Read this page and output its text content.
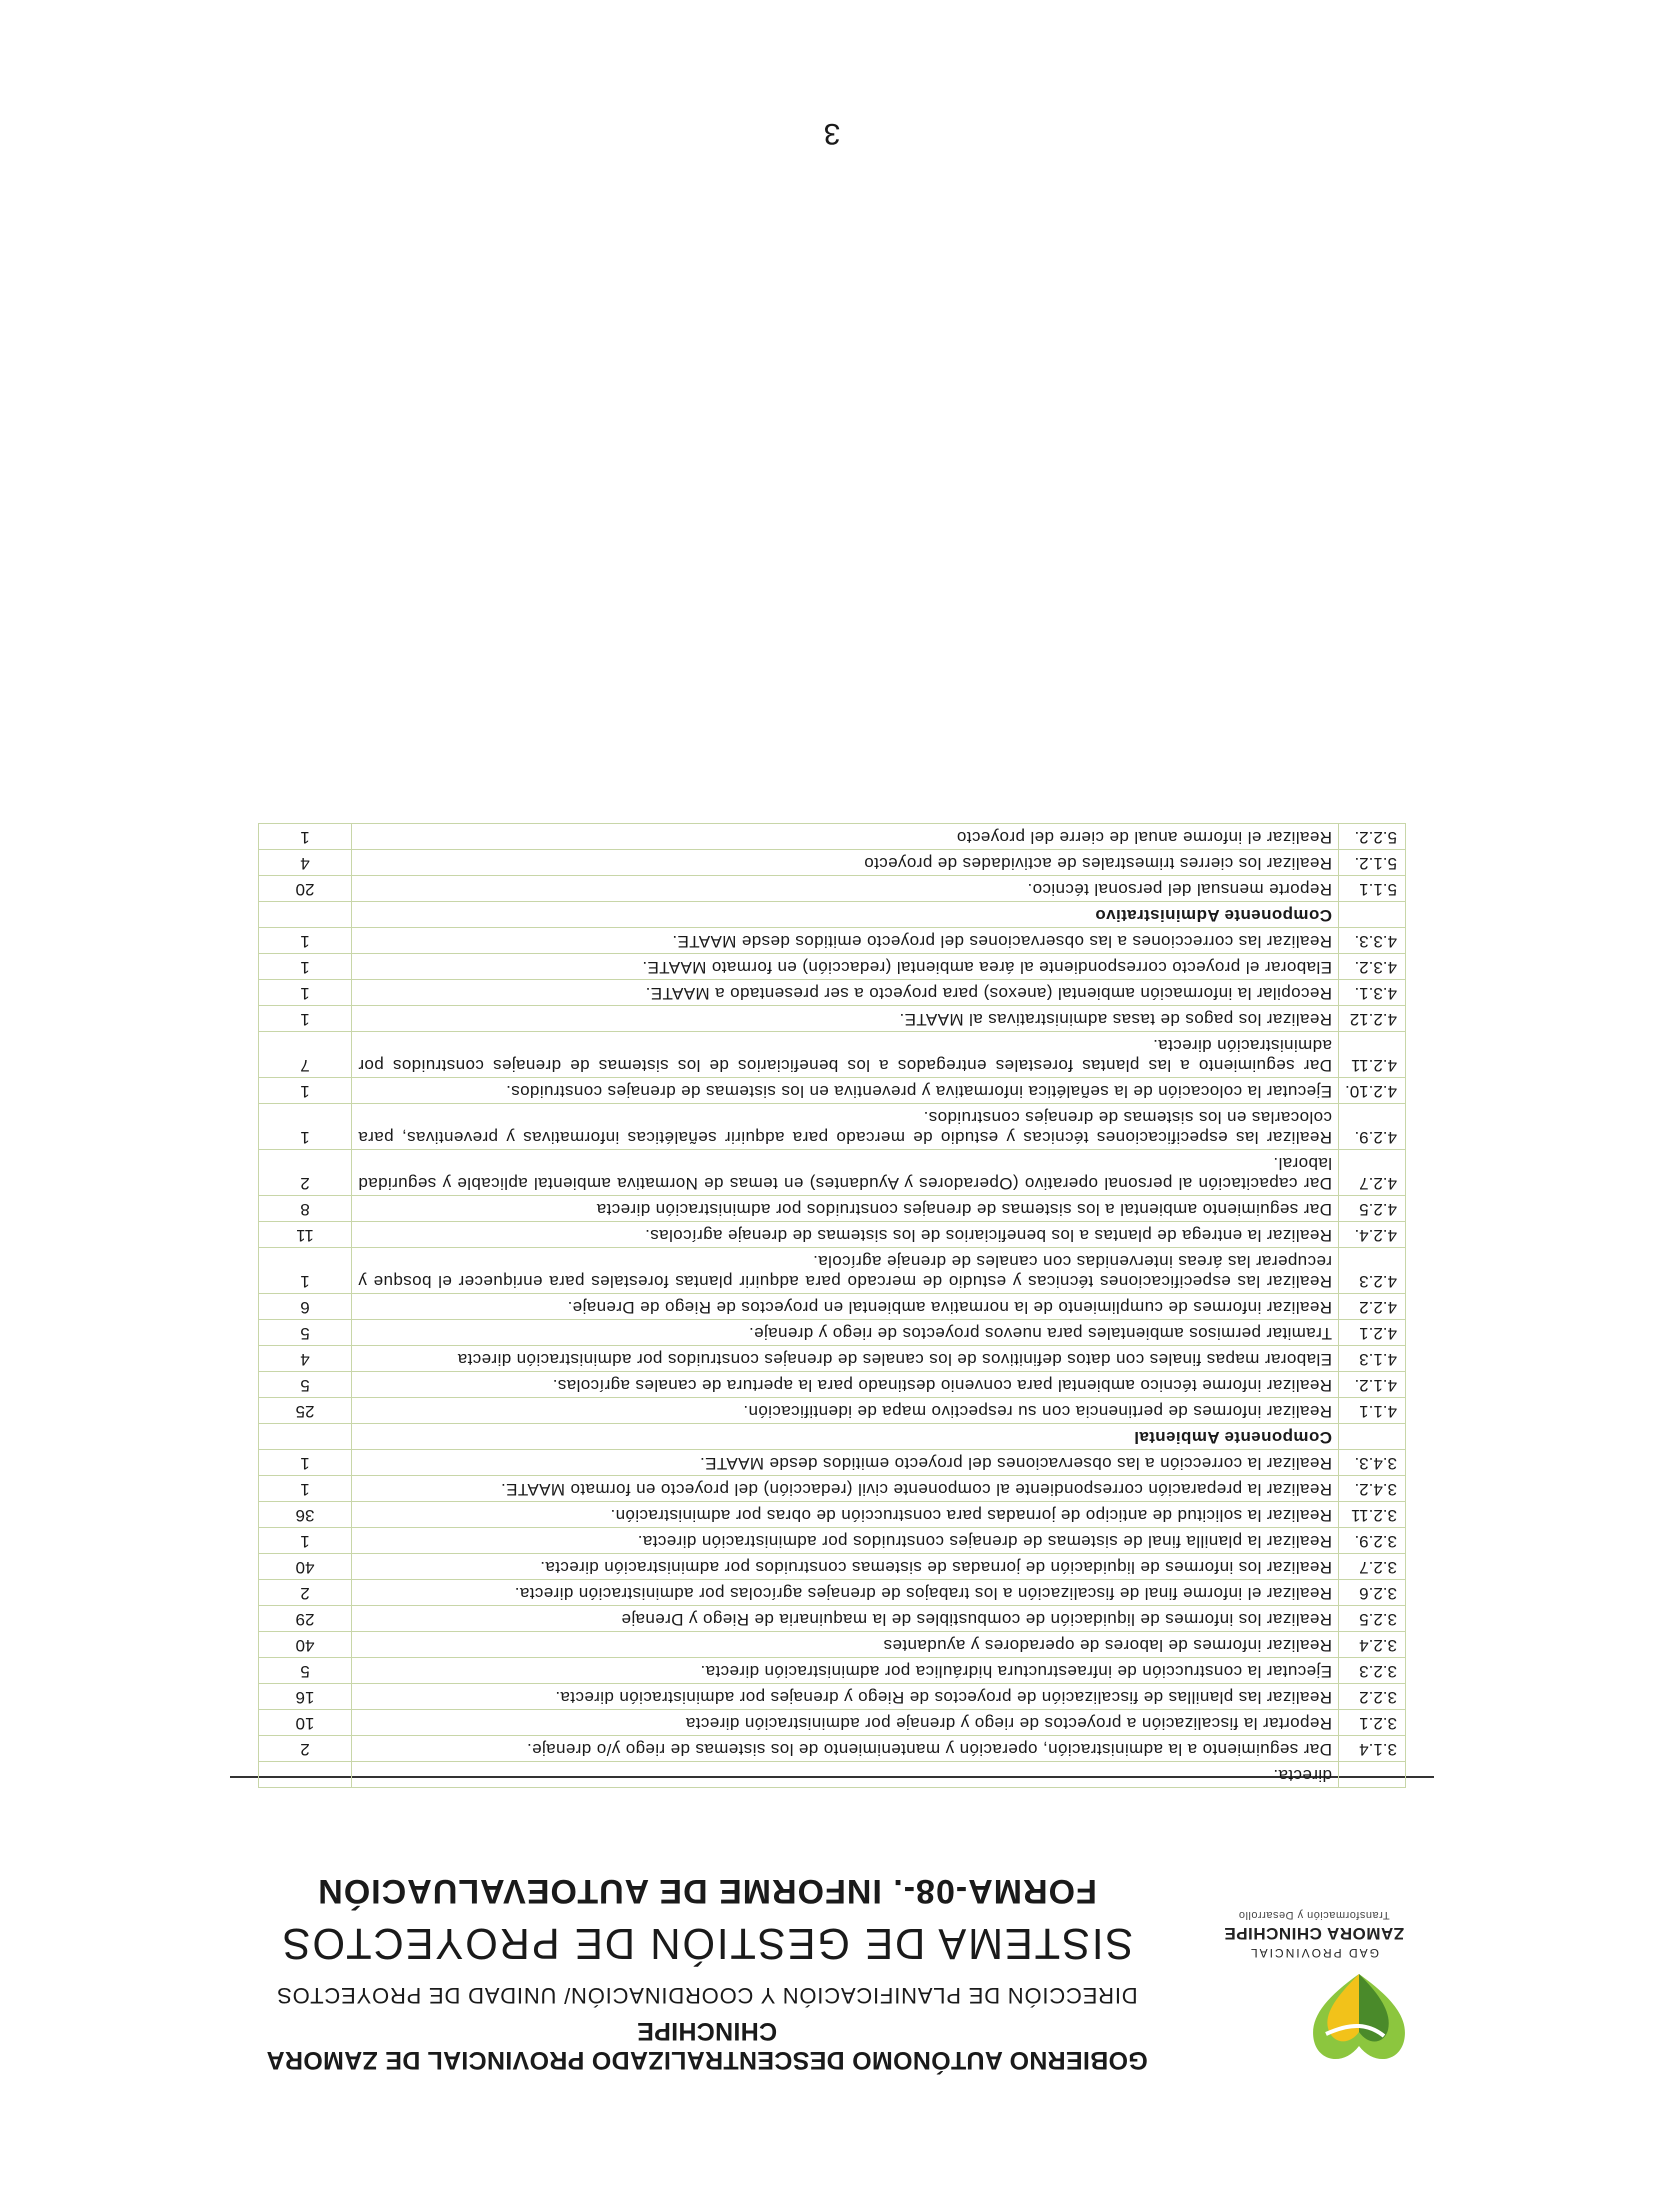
GAD PROVINCIAL
ZAMORA CHINCHIPE
Transformación y Desarrollo
GOBIERNO AUTÓNOMO DESCENTRALIZADO PROVINCIAL DE ZAMORA CHINCHIPE
DIRECCIÓN DE PLANIFICACIÓN Y COORDINACIÓN/ UNIDAD DE PROYECTOS
SISTEMA DE GESTIÓN DE PROYECTOS
FORMA-08-. INFORME DE AUTOEVALUACIÓN
	directa.	
3.1.4	Dar seguimiento a la administración, operación y mantenimiento de los sistemas de riego y/o drenaje.	2
3.2.1	Reportar la fiscalización a proyectos de riego y drenaje por administración directa	10
3.2.2	Realizar las planillas de fiscalización de proyectos de Riego y drenajes por administración directa.	16
3.2.3	Ejecutar la construcción de infraestructura hidráulica por administración directa.	5
3.2.4	Realizar informes de labores de operadores y ayudantes	40
3.2.5	Realizar los informes de liquidación de combustibles de la maquinaria de Riego y Drenaje	29
3.2.6	Realizar el informe final de fiscalización a los trabajos de drenajes agrícolas por administración directa.	2
3.2.7	Realizar los informes de liquidación de jornadas de sistemas construidos por administración directa.	40
3.2.9.	Realizar la planilla final de sistemas de drenajes construidos por administración directa.	1
3.2.11	Realizar la solicitud de anticipo de jornadas para construcción de obras por administración.	36
3.4.2.	Realizar la preparación correspondiente al componente civil (redacción) del proyecto en formato MAATE.	1
3.4.3.	Realizar la corrección a las observaciones del proyecto emitidos desde MAATE.	1
	Componente Ambiental	
4.1.1	Realizar informes de pertinencia con su respectivo mapa de identificación.	25
4.1.2.	Realizar informe técnico ambiental para convenio destinado para la apertura de canales agrícolas.	5
4.1.3	Elaborar mapas finales con datos definitivos de los canales de drenajes construidos por administración directa	4
4.2.1	Tramitar permisos ambientales para nuevos proyectos de riego y drenaje.	5
4.2.2	Realizar informes de cumplimiento de la normativa ambiental en proyectos de Riego de Drenaje.	6
4.2.3	Realizar las especificaciones técnicas y estudio de mercado para adquirir plantas forestales para enriquecer el bosque y recuperar las áreas intervenidas con canales de drenaje agrícola.	1
4.2.4.	Realizar la entrega de plantas a los beneficiarios de los sistemas de drenaje agrícolas.	11
4.2.5	Dar seguimiento ambiental a los sistemas de drenajes construidos por administración directa	8
4.2.7	Dar capacitación al personal operativo (Operadores y Ayudantes) en temas de Normativa ambiental aplicable y seguridad laboral.	2
4.2.9.	Realizar las especificaciones técnicas y estudio de mercado para adquirir señaléticas informativas y preventivas, para colocarlas en los sistemas de drenajes construidos.	1
4.2.10.	Ejecutar la colocación de la señalética informativa y preventiva en los sistemas de drenajes construidos.	1
4.2.11	Dar seguimiento a las plantas forestales entregados a los beneficiarios de los sistemas de drenajes construidos por administración directa.	7
4.2.12	Realizar los pagos de tasas administrativas al MAATE.	1
4.3.1.	Recopilar la información ambiental (anexos) para proyecto a ser presentado a MAATE.	1
4.3.2.	Elaborar el proyecto correspondiente al área ambiental (redacción) en formato MAATE.	1
4.3.3.	Realizar las correcciones a las observaciones del proyecto emitidos desde MAATE.	1
	Componente Administrativo	
5.1.1	Reporte mensual del personal técnico.	20
5.1.2.	Realizar los cierres trimestrales de actividades de proyecto	4
5.2.2.	Realizar el informe anual de cierre del proyecto	1
3
